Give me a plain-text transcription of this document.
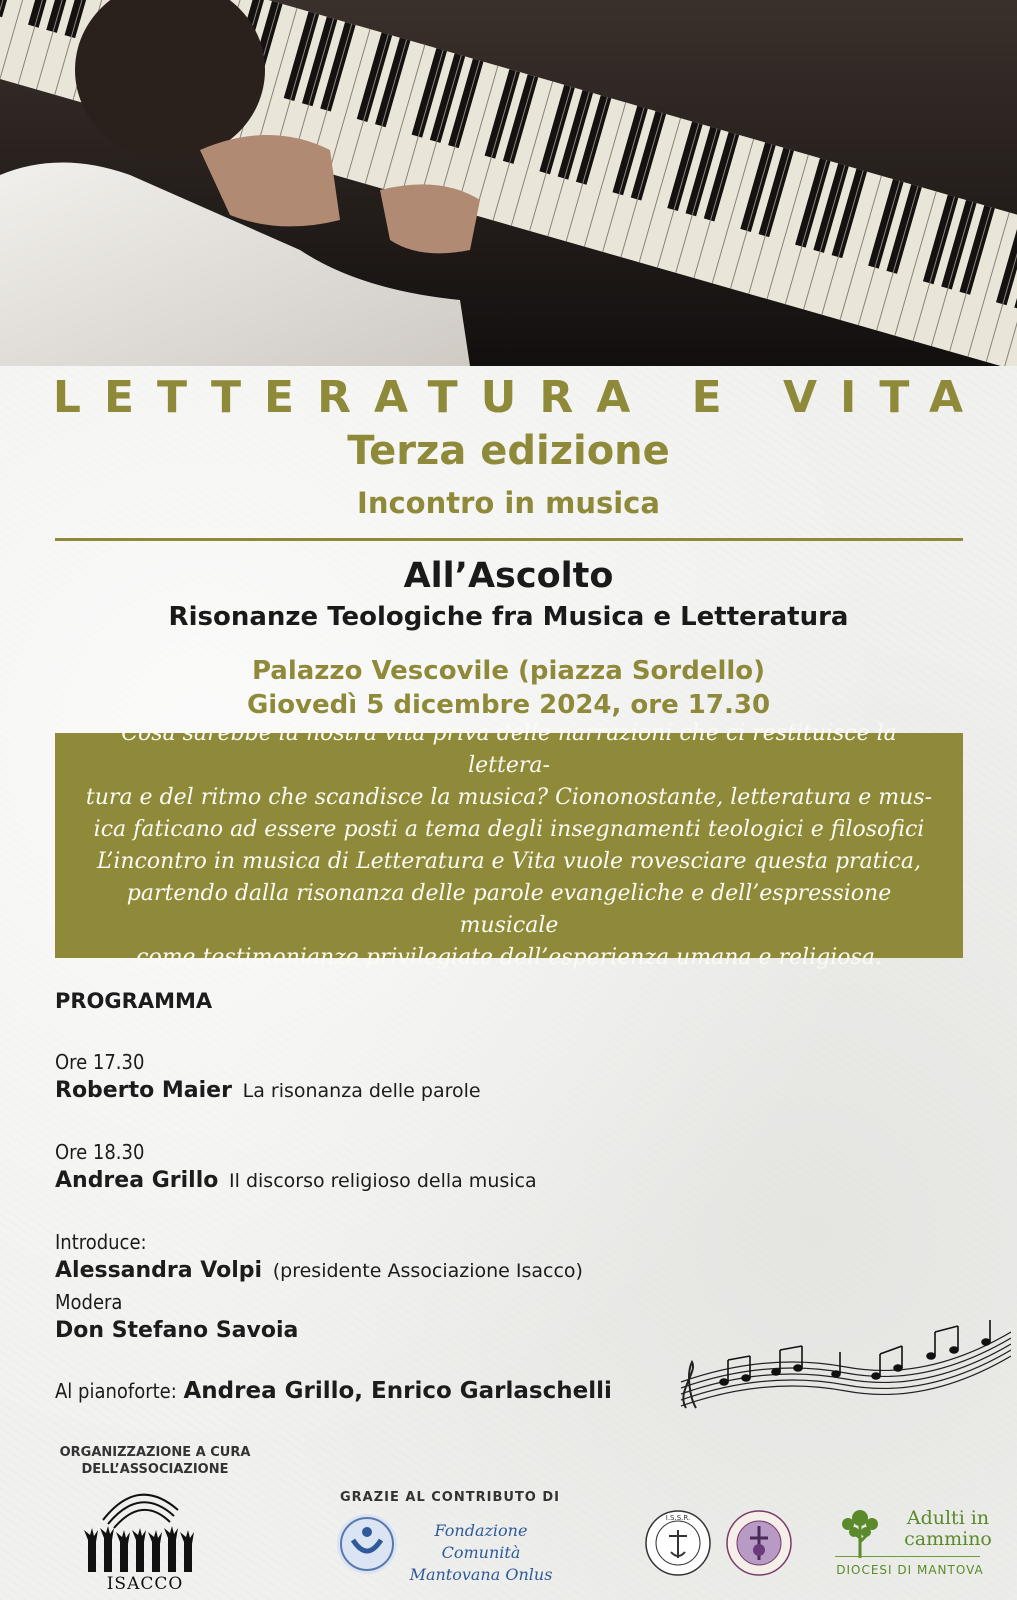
LETTERATURA E VITA
Terza edizione
Incontro in musica
All’Ascolto
Risonanze Teologiche fra Musica e Letteratura
Palazzo Vescovile (piazza Sordello)
Giovedì 5 dicembre 2024, ore 17.30
Cosa sarebbe la nostra vita priva delle narrazioni che ci restituisce la lettera-
tura e del ritmo che scandisce la musica? Ciononostante, letteratura e mus-
ica faticano ad essere posti a tema degli insegnamenti teologici e filosofici
L’incontro in musica di Letteratura e Vita vuole rovesciare questa pratica,
partendo dalla risonanza delle parole evangeliche e dell’espressione musicale
come testimonianze privilegiate dell’esperienza umana e religiosa.
PROGRAMMA
Ore 17.30
Roberto Maier La risonanza delle parole
Ore 18.30
Andrea Grillo Il discorso religioso della musica
Introduce:
Alessandra Volpi (presidente Associazione Isacco)
Modera
Don Stefano Savoia
Al pianoforte: Andrea Grillo, Enrico Garlaschelli
ORGANIZZAZIONE A CURA
DELL’ASSOCIAZIONE
ISACCO
GRAZIE AL CONTRIBUTO DI
Fondazione Comunità
Mantovana Onlus
I.S.S.R.	Adulti in
cammino
DIOCESI DI MANTOVA
